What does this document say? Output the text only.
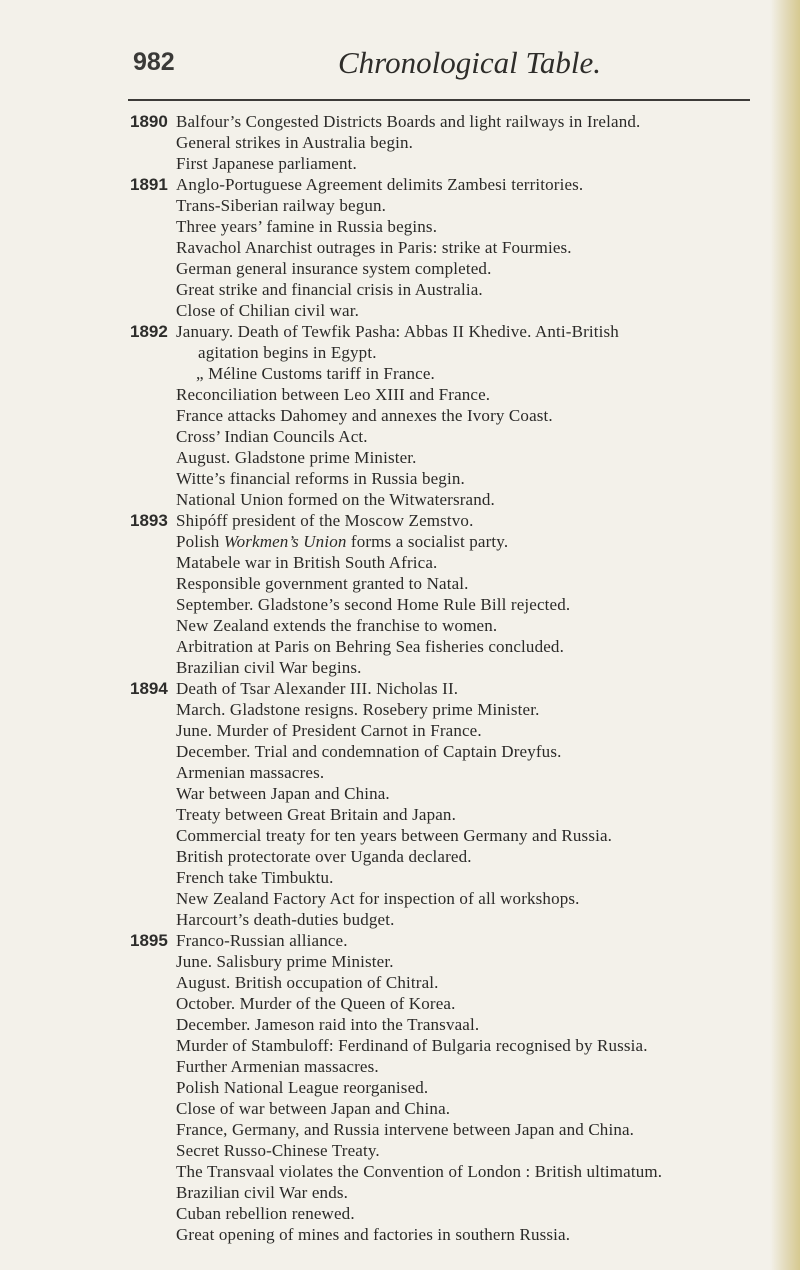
982	Chronological Table.
1890 Balfour’s Congested Districts Boards and light railways in Ireland.
General strikes in Australia begin.
First Japanese parliament.
1891 Anglo-Portuguese Agreement delimits Zambesi territories.
Trans-Siberian railway begun.
Three years’ famine in Russia begins.
Ravachol Anarchist outrages in Paris: strike at Fourmies.
German general insurance system completed.
Great strike and financial crisis in Australia.
Close of Chilian civil war.
1892 January. Death of Tewfik Pasha: Abbas II Khedive. Anti-British
agitation begins in Egypt.
„ Méline Customs tariff in France.
Reconciliation between Leo XIII and France.
France attacks Dahomey and annexes the Ivory Coast.
Cross’ Indian Councils Act.
August. Gladstone prime Minister.
Witte’s financial reforms in Russia begin.
National Union formed on the Witwatersrand.
1893 Shipóff president of the Moscow Zemstvo.
Polish Workmen’s Union forms a socialist party.
Matabele war in British South Africa.
Responsible government granted to Natal.
September. Gladstone’s second Home Rule Bill rejected.
New Zealand extends the franchise to women.
Arbitration at Paris on Behring Sea fisheries concluded.
Brazilian civil War begins.
1894 Death of Tsar Alexander III. Nicholas II.
March. Gladstone resigns. Rosebery prime Minister.
June. Murder of President Carnot in France.
December. Trial and condemnation of Captain Dreyfus.
Armenian massacres.
War between Japan and China.
Treaty between Great Britain and Japan.
Commercial treaty for ten years between Germany and Russia.
British protectorate over Uganda declared.
French take Timbuktu.
New Zealand Factory Act for inspection of all workshops.
Harcourt’s death-duties budget.
1895 Franco-Russian alliance.
June. Salisbury prime Minister.
August. British occupation of Chitral.
October. Murder of the Queen of Korea.
December. Jameson raid into the Transvaal.
Murder of Stambuloff: Ferdinand of Bulgaria recognised by Russia.
Further Armenian massacres.
Polish National League reorganised.
Close of war between Japan and China.
France, Germany, and Russia intervene between Japan and China.
Secret Russo-Chinese Treaty.
The Transvaal violates the Convention of London : British ultimatum.
Brazilian civil War ends.
Cuban rebellion renewed.
Great opening of mines and factories in southern Russia.
